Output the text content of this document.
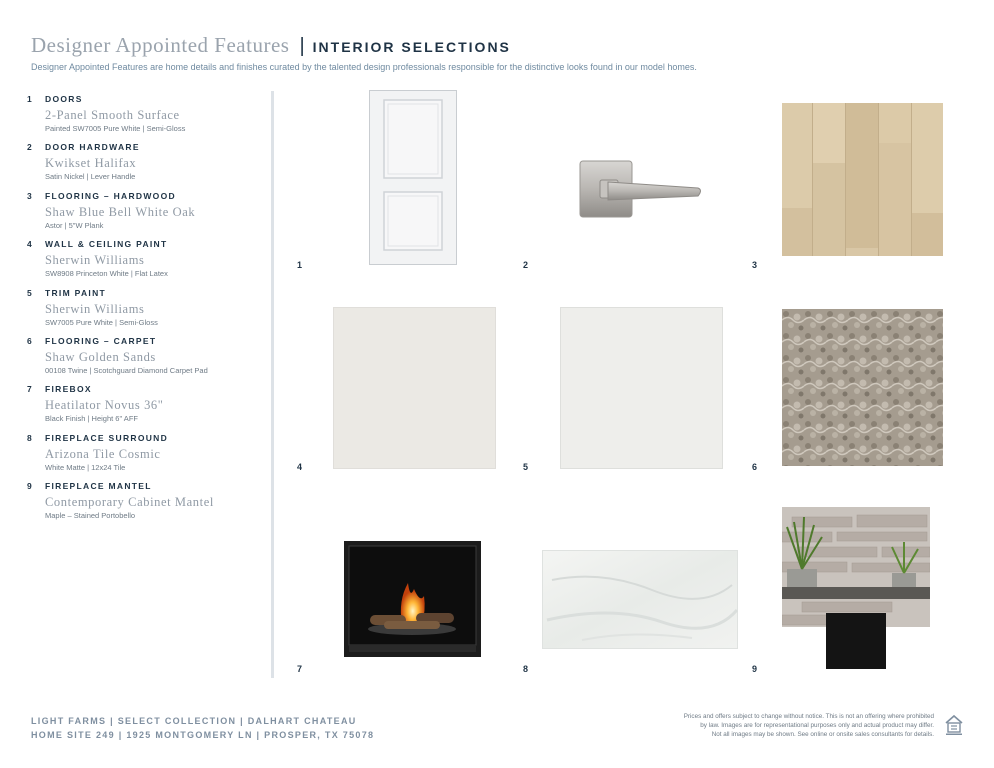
Designer Appointed Features | INTERIOR SELECTIONS
Designer Appointed Features are home details and finishes curated by the talented design professionals responsible for the distinctive looks found in our model homes.
1 DOORS
2-Panel Smooth Surface
Painted SW7005 Pure White | Semi-Gloss
2 DOOR HARDWARE
Kwikset Halifax
Satin Nickel | Lever Handle
3 FLOORING – HARDWOOD
Shaw Blue Bell White Oak
Astor | 5"W Plank
4 WALL & CEILING PAINT
Sherwin Williams
SW8908 Princeton White | Flat Latex
5 TRIM PAINT
Sherwin Williams
SW7005 Pure White | Semi-Gloss
6 FLOORING – CARPET
Shaw Golden Sands
00108 Twine | Scotchguard Diamond Carpet Pad
7 FIREBOX
Heatilator Novus 36"
Black Finish | Height 6" AFF
8 FIREPLACE SURROUND
Arizona Tile Cosmic
White Matte | 12x24 Tile
9 FIREPLACE MANTEL
Contemporary Cabinet Mantel
Maple – Stained Portobello
1	2	3
4	5	6
7	8	9
LIGHT FARMS | SELECT COLLECTION | DALHART CHATEAU
HOME SITE 249 | 1925 MONTGOMERY LN | PROSPER, TX 75078
Prices and offers subject to change without notice. This is not an offering where prohibited
by law. Images are for representational purposes only and actual product may differ.
Not all images may be shown. See online or onsite sales consultants for details.
